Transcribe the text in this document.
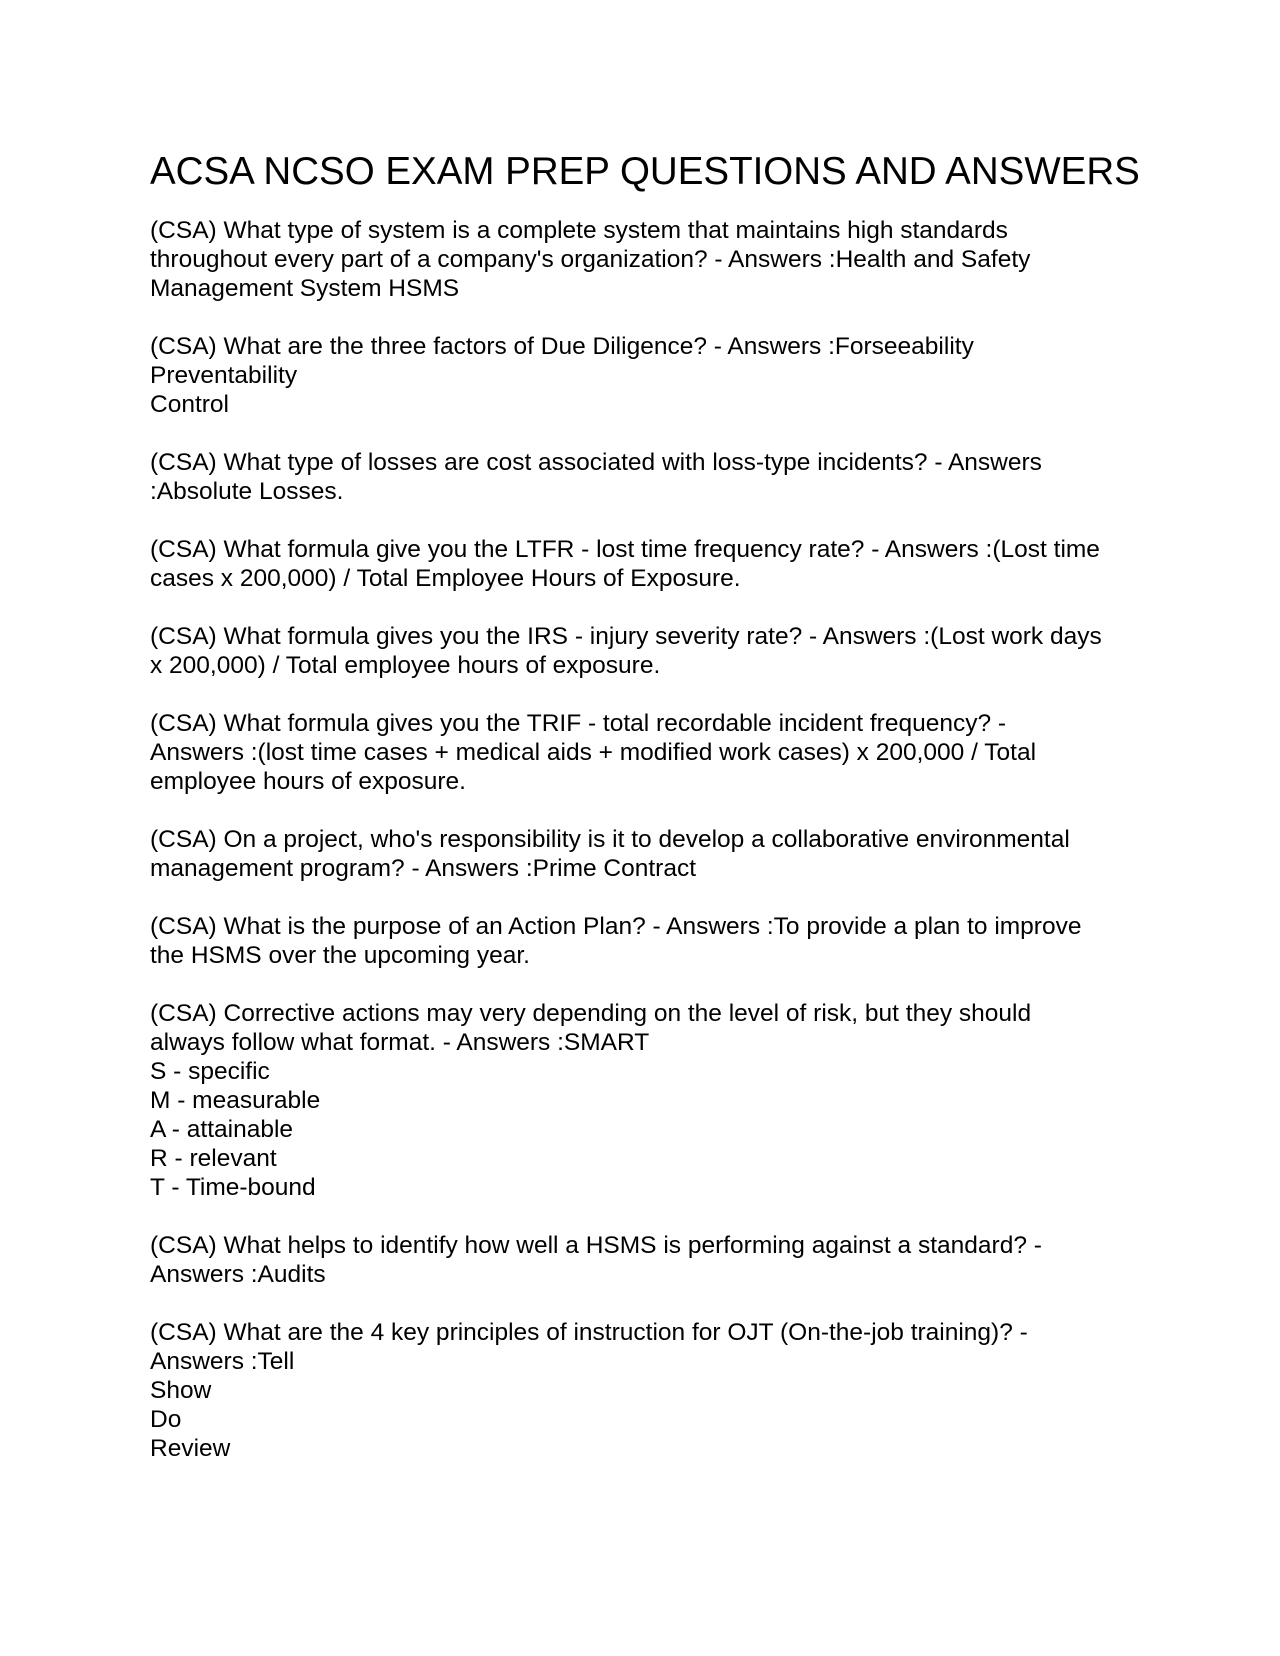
ACSA NCSO EXAM PREP QUESTIONS AND ANSWERS
(CSA) What type of system is a complete system that maintains high standards
throughout every part of a company's organization? - Answers :Health and Safety
Management System HSMS
(CSA) What are the three factors of Due Diligence? - Answers :Forseeability
Preventability
Control
(CSA) What type of losses are cost associated with loss-type incidents? - Answers
:Absolute Losses.
(CSA) What formula give you the LTFR - lost time frequency rate? - Answers :(Lost time
cases x 200,000) / Total Employee Hours of Exposure.
(CSA) What formula gives you the IRS - injury severity rate? - Answers :(Lost work days
x 200,000) / Total employee hours of exposure.
(CSA) What formula gives you the TRIF - total recordable incident frequency? -
Answers :(lost time cases + medical aids + modified work cases) x 200,000 / Total
employee hours of exposure.
(CSA) On a project, who's responsibility is it to develop a collaborative environmental
management program? - Answers :Prime Contract
(CSA) What is the purpose of an Action Plan? - Answers :To provide a plan to improve
the HSMS over the upcoming year.
(CSA) Corrective actions may very depending on the level of risk, but they should
always follow what format. - Answers :SMART
S - specific
M - measurable
A - attainable
R - relevant
T - Time-bound
(CSA) What helps to identify how well a HSMS is performing against a standard? -
Answers :Audits
(CSA) What are the 4 key principles of instruction for OJT (On-the-job training)? -
Answers :Tell
Show
Do
Review
